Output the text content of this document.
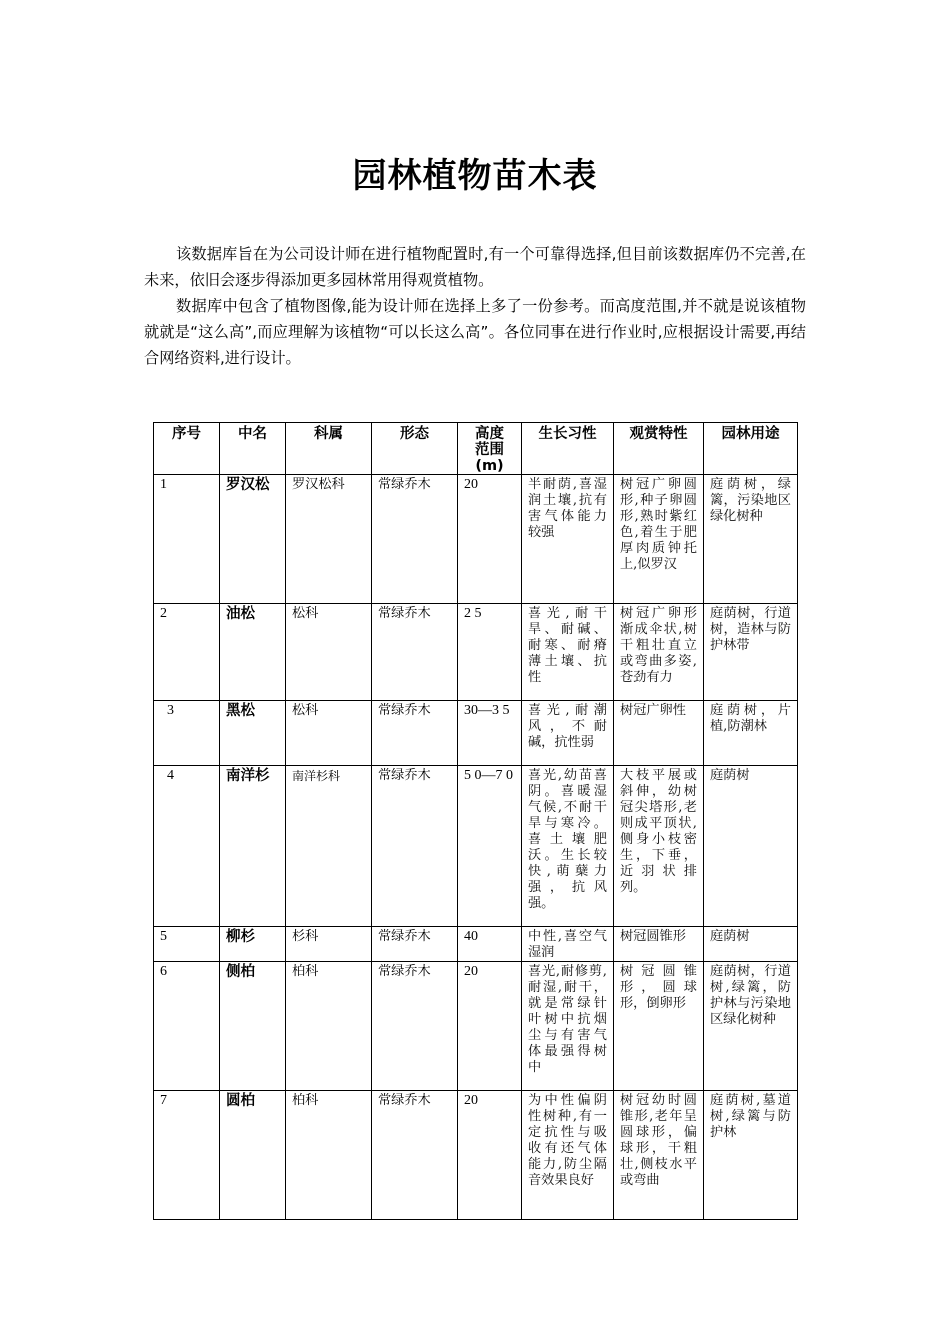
园林植物苗木表

该数据库旨在为公司设计师在进行植物配置时,有一个可靠得选择,但目前该数据库仍不完善,在未来，依旧会逐步得添加更多园林常用得观赏植物。

数据库中包含了植物图像,能为设计师在选择上多了一份参考。而高度范围,并不就是说该植物就就是“这么高”,而应理解为该植物“可以长这么高”。各位同事在进行作业时,应根据设计需要,再结合网络资料,进行设计。

序号	中名	科属	形态	高度范围(m)	生长习性	观赏特性	园林用途
1	罗汉松	罗汉松科	常绿乔木	20	半耐荫,喜湿润土壤,抗有害气体能力较强	树冠广卵圆形,种子卵圆形,熟时紫红色,着生于肥厚肉质钟托上,似罗汉	庭荫树，绿篱，污染地区绿化树种
2	油松	松科	常绿乔木	2 5	喜光,耐干旱、耐碱、耐寒、耐瘠薄土壤、抗性	树冠广卵形渐成伞状,树干粗壮直立或弯曲多姿,苍劲有力	庭荫树，行道树，造林与防护林带
3	黑松	松科	常绿乔木	30—3 5	喜光,耐潮风，不耐碱，抗性弱	树冠广卵性	庭荫树，片植,防潮林
4	南洋杉	南洋杉科	常绿乔木	5 0—7 0	喜光,幼苗喜阴。喜暖湿气候,不耐干旱与寒冷。喜土壤肥沃。生长较快,萌蘖力强，抗风强。	大枝平展或斜伸，幼树冠尖塔形,老则成平顶状,侧身小枝密生，下垂，近羽状排列。	庭荫树
5	柳杉	杉科	常绿乔木	40	中性,喜空气湿润	树冠圆锥形	庭荫树
6	侧柏	柏科	常绿乔木	20	喜光,耐修剪,耐湿,耐干，就是常绿针叶树中抗烟尘与有害气体最强得树中	树冠圆锥形，圆球形，倒卵形	庭荫树，行道树,绿篱，防护林与污染地区绿化树种
7	圆柏	柏科	常绿乔木	20	为中性偏阴性树种,有一定抗性与吸收有还气体能力,防尘隔音效果良好	树冠幼时圆锥形,老年呈圆球形，偏球形，干粗壮,侧枝水平或弯曲	庭荫树,墓道树,绿篱与防护林
